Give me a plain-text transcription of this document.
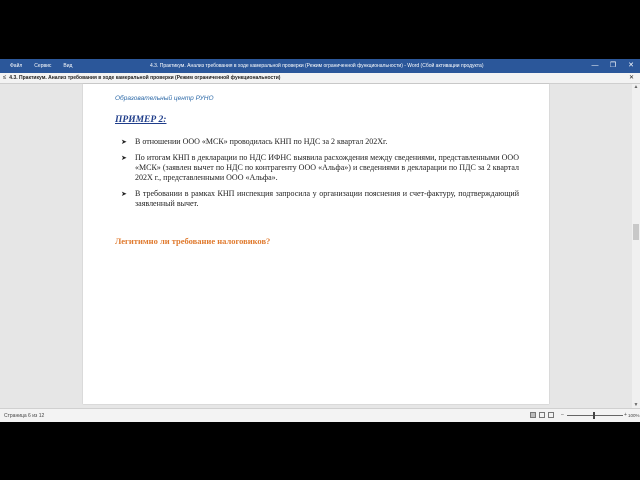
Файл	Сервис	Вид	4.3. Практикум. Анализ требования в ходе камеральной проверки (Режим ограниченной функциональности) - Word (Сбой активации продукта)	—	❐	✕
≤ 4.3. Практикум. Анализ требования в ходе камеральной проверки (Режим ограниченной функциональности)	✕
Образовательный центр РУНО
ПРИМЕР 2:
➤ В отношении ООО «МСК» проводилась КНП по НДС за 2 квартал 202Хг.
➤ По итогам КНП в декларации по НДС ИФНС выявила расхождения между сведениями, представленными ООО «МСК» (заявлен вычет по НДС по контрагенту ООО «Альфа») и сведениями в декларации по ПДС за 2 квартал 202Х г., представленными ООО «Альфа».
➤ В требовании в рамках КНП инспекция запросила у организации пояснения и счет-фактуру, подтверждающий заявленный вычет.
Легитимно ли требование налоговиков?
▲
▼
Страница 6 из 12	–	+ 100%
